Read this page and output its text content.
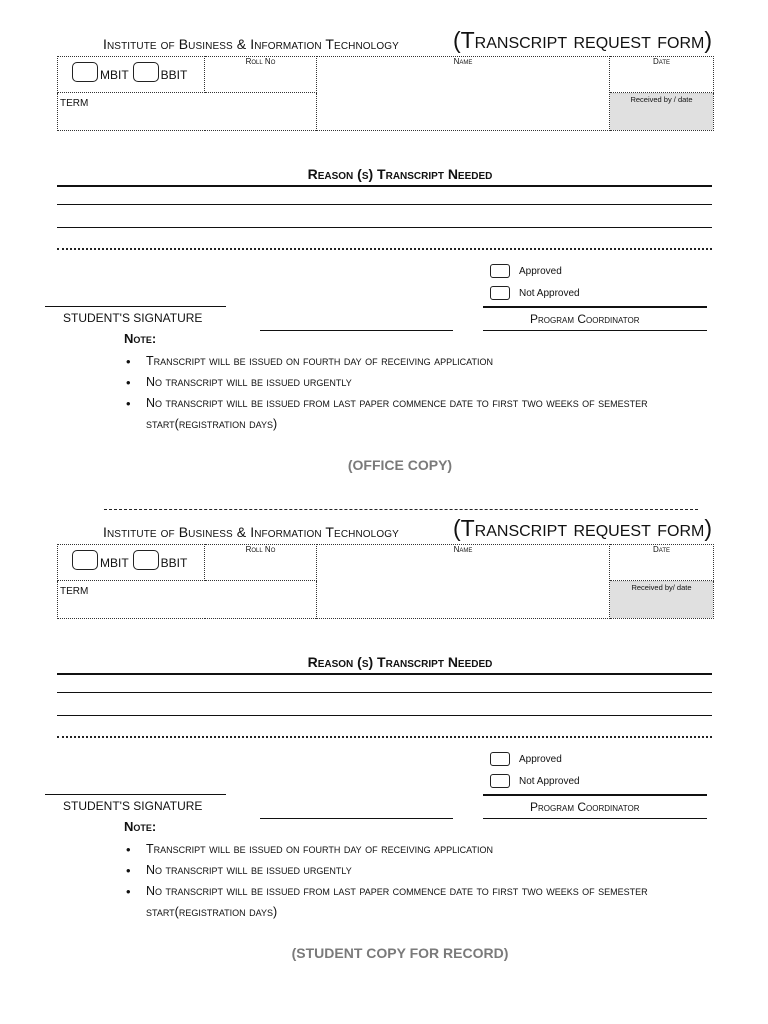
Institute of Business & Information Technology (Transcript request form)
MBIT BBIT	Roll No	Name	Date

TERM			Received by / date
Reason (s) Transcript Needed
Approved
Not Approved
STUDENT'S SIGNATURE	Program Coordinator
Note:
• Transcript will be issued on fourth day of receiving application
• No transcript will be issued urgently
• No transcript will be issued from last paper commence date to first two weeks of semester start(registration days)
(OFFICE COPY)
Institute of Business & Information Technology (Transcript request form)
MBIT BBIT	Roll No	Name	Date

TERM			Received by/ date
Reason (s) Transcript Needed
Approved
Not Approved
STUDENT'S SIGNATURE	Program Coordinator
Note:
• Transcript will be issued on fourth day of receiving application
• No transcript will be issued urgently
• No transcript will be issued from last paper commence date to first two weeks of semester start(registration days)
(STUDENT COPY FOR RECORD)
